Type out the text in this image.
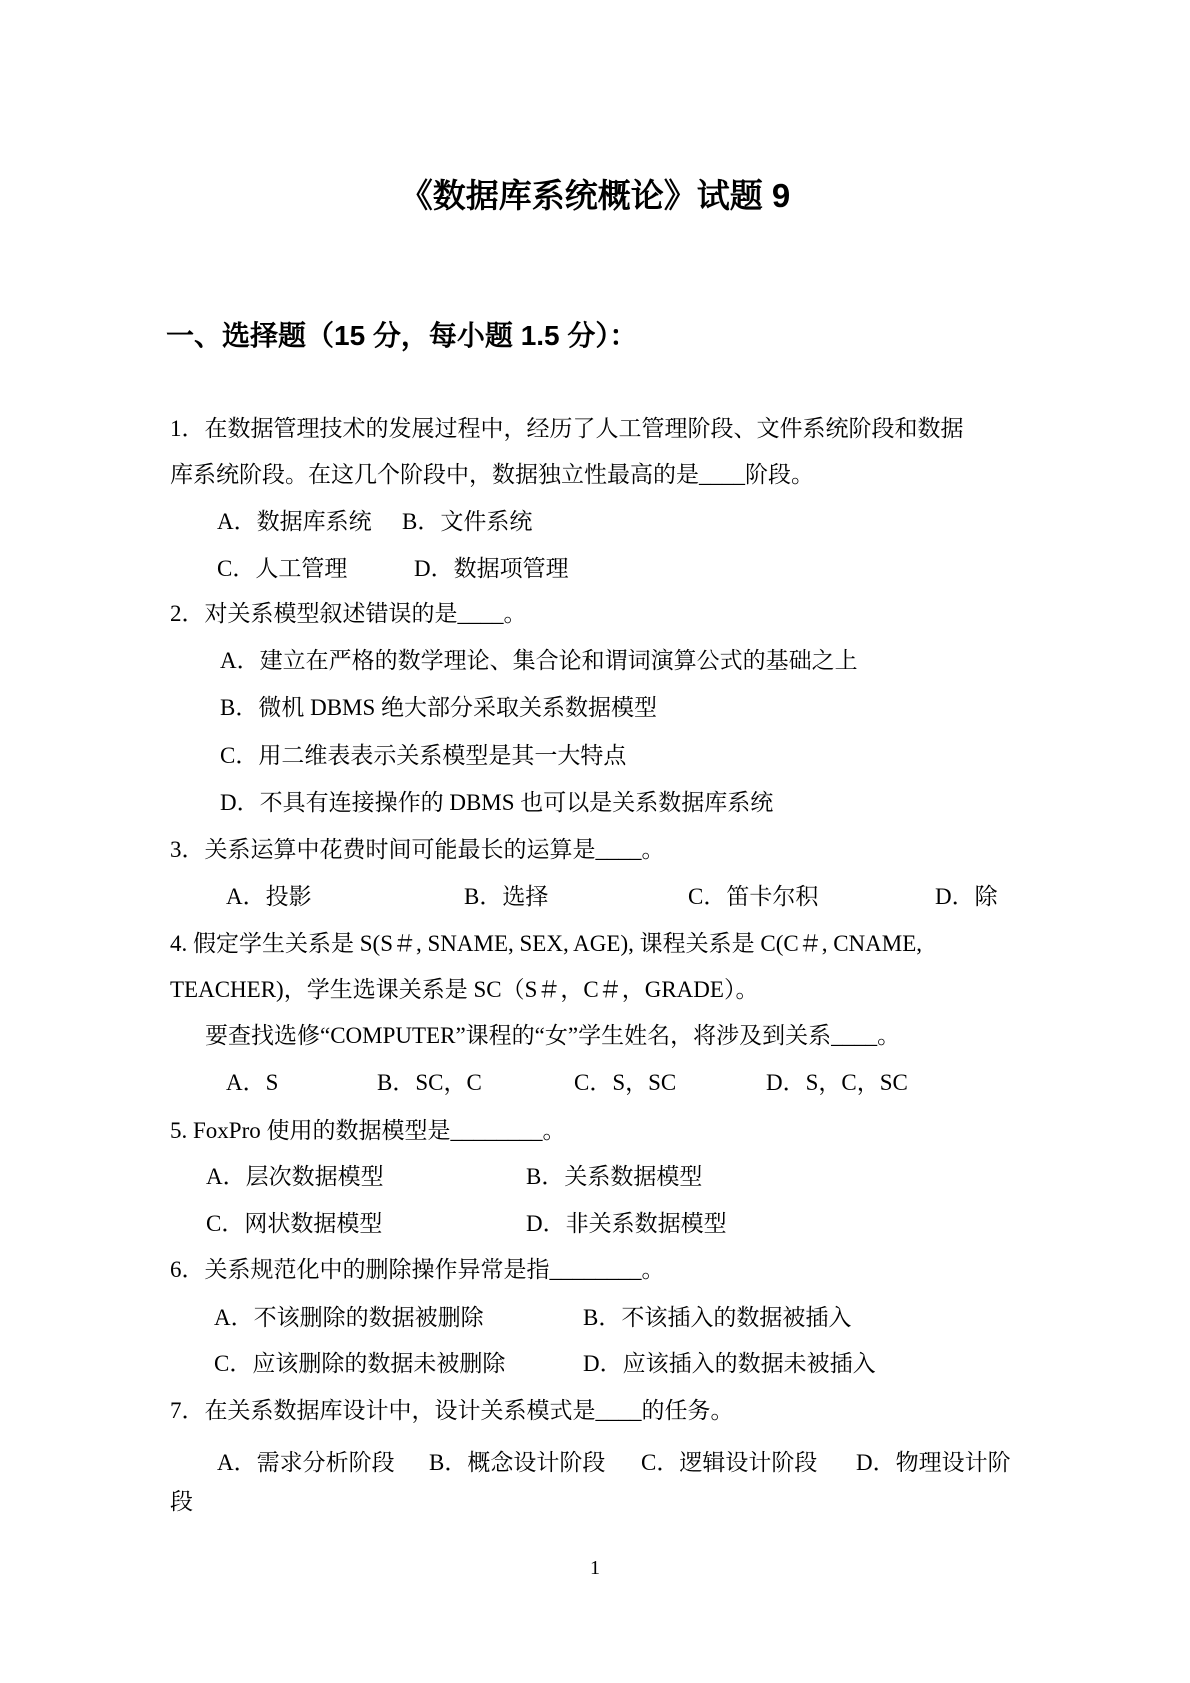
《数据库系统概论》试题 9
一、选择题（15 分，每小题 1.5 分）：
1．在数据管理技术的发展过程中，经历了人工管理阶段、文件系统阶段和数据
库系统阶段。在这几个阶段中，数据独立性最高的是____阶段。
A．数据库系统 B．文件系统
C．人工管理	D．数据项管理
2．对关系模型叙述错误的是____。
A．建立在严格的数学理论、集合论和谓词演算公式的基础之上
B．微机 DBMS 绝大部分采取关系数据模型
C．用二维表表示关系模型是其一大特点
D．不具有连接操作的 DBMS 也可以是关系数据库系统
3．关系运算中花费时间可能最长的运算是____。
A．投影	B．选择	C．笛卡尔积	D．除
4. 假定学生关系是 S(S＃, SNAME, SEX, AGE), 课程关系是 C(C＃, CNAME,
TEACHER)，学生选课关系是 SC（S＃，C＃，GRADE）。
要查找选修“COMPUTER”课程的“女”学生姓名，将涉及到关系____。
A．S	B．SC，C	C．S，SC	D．S，C，SC
5. FoxPro 使用的数据模型是________。
A．层次数据模型	B．关系数据模型
C．网状数据模型	D．非关系数据模型
6．关系规范化中的删除操作异常是指________。
A．不该删除的数据被删除	B．不该插入的数据被插入
C．应该删除的数据未被删除	D．应该插入的数据未被插入
7．在关系数据库设计中，设计关系模式是____的任务。
A．需求分析阶段 B．概念设计阶段 C．逻辑设计阶段 D．物理设计阶
段
1
